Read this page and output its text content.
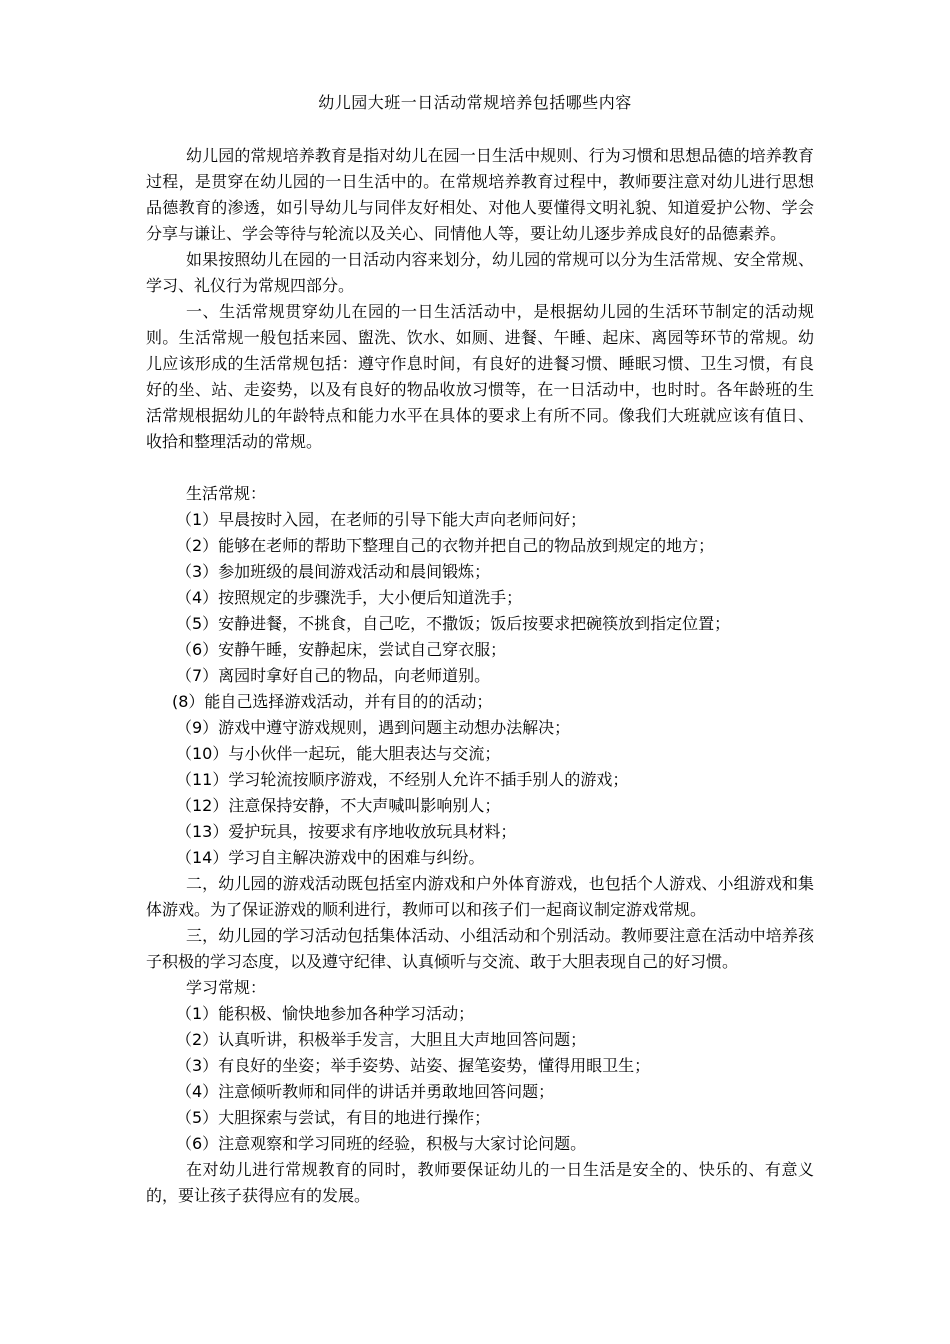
幼儿园大班一日活动常规培养包括哪些内容

幼儿园的常规培养教育是指对幼儿在园一日生活中规则、行为习惯和思想品德的培养教育过程，是贯穿在幼儿园的一日生活中的。在常规培养教育过程中，教师要注意对幼儿进行思想品德教育的渗透，如引导幼儿与同伴友好相处、对他人要懂得文明礼貌、知道爱护公物、学会分享与谦让、学会等待与轮流以及关心、同情他人等，要让幼儿逐步养成良好的品德素养。

如果按照幼儿在园的一日活动内容来划分，幼儿园的常规可以分为生活常规、安全常规、学习、礼仪行为常规四部分。

一、生活常规贯穿幼儿在园的一日生活活动中，是根据幼儿园的生活环节制定的活动规则。生活常规一般包括来园、盥洗、饮水、如厕、进餐、午睡、起床、离园等环节的常规。幼儿应该形成的生活常规包括：遵守作息时间，有良好的进餐习惯、睡眠习惯、卫生习惯，有良好的坐、站、走姿势，以及有良好的物品收放习惯等，在一日活动中，也时时。各年龄班的生活常规根据幼儿的年龄特点和能力水平在具体的要求上有所不同。像我们大班就应该有值日、收拾和整理活动的常规。

生活常规：

（1）早晨按时入园，在老师的引导下能大声向老师问好；

（2）能够在老师的帮助下整理自己的衣物并把自己的物品放到规定的地方；

（3）参加班级的晨间游戏活动和晨间锻炼；

（4）按照规定的步骤洗手，大小便后知道洗手；

（5）安静进餐，不挑食，自己吃，不撒饭；饭后按要求把碗筷放到指定位置；

（6）安静午睡，安静起床，尝试自己穿衣服；

（7）离园时拿好自己的物品，向老师道别。

(8）能自己选择游戏活动，并有目的的活动；

（9）游戏中遵守游戏规则，遇到问题主动想办法解决；

（10）与小伙伴一起玩，能大胆表达与交流；

（11）学习轮流按顺序游戏，不经别人允许不插手别人的游戏；

（12）注意保持安静，不大声喊叫影响别人；

（13）爱护玩具，按要求有序地收放玩具材料；

（14）学习自主解决游戏中的困难与纠纷。

二，幼儿园的游戏活动既包括室内游戏和户外体育游戏，也包括个人游戏、小组游戏和集体游戏。为了保证游戏的顺利进行，教师可以和孩子们一起商议制定游戏常规。

三，幼儿园的学习活动包括集体活动、小组活动和个别活动。教师要注意在活动中培养孩子积极的学习态度，以及遵守纪律、认真倾听与交流、敢于大胆表现自己的好习惯。

学习常规：

（1）能积极、愉快地参加各种学习活动；

（2）认真听讲，积极举手发言，大胆且大声地回答问题；

（3）有良好的坐姿；举手姿势、站姿、握笔姿势，懂得用眼卫生；

（4）注意倾听教师和同伴的讲话并勇敢地回答问题；

（5）大胆探索与尝试，有目的地进行操作；

（6）注意观察和学习同班的经验，积极与大家讨论问题。

在对幼儿进行常规教育的同时，教师要保证幼儿的一日生活是安全的、快乐的、有意义的，要让孩子获得应有的发展。
